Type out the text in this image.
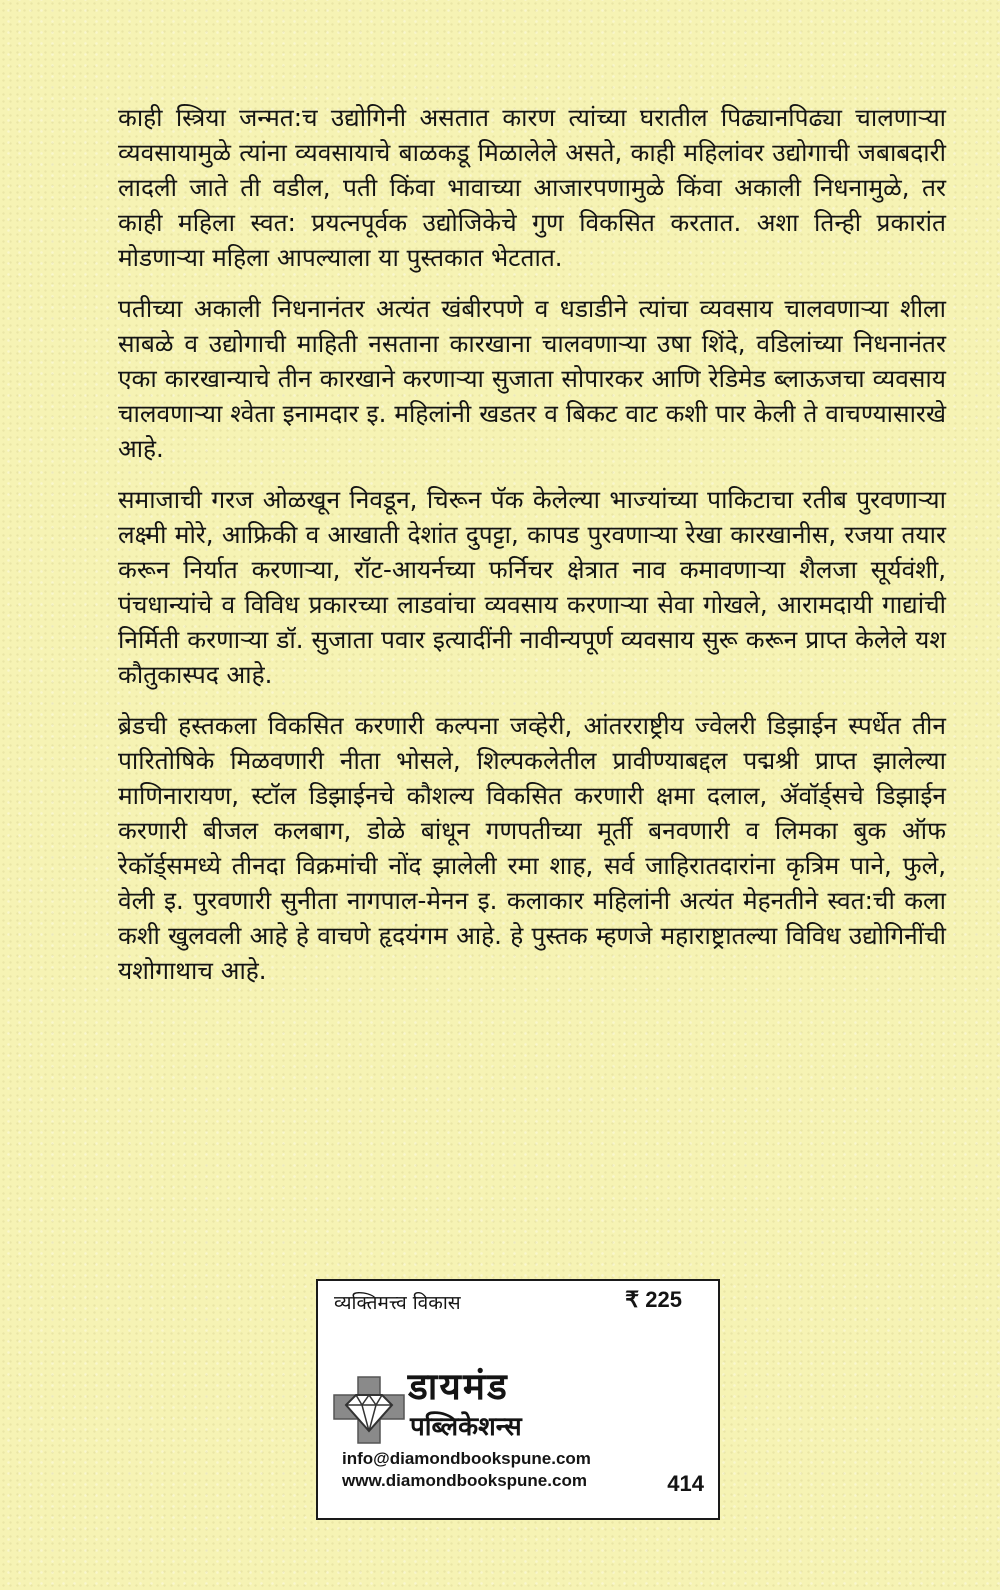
काही स्त्रिया जन्मत:च उद्योगिनी असतात कारण त्यांच्या घरातील पिढ्यानपिढ्या चालणाऱ्या व्यवसायामुळे त्यांना व्यवसायाचे बाळकडू मिळालेले असते, काही महिलांवर उद्योगाची जबाबदारी लादली जाते ती वडील, पती किंवा भावाच्या आजारपणामुळे किंवा अकाली निधनामुळे, तर काही महिला स्वत: प्रयत्नपूर्वक उद्योजिकेचे गुण विकसित करतात. अशा तिन्ही प्रकारांत मोडणाऱ्या महिला आपल्याला या पुस्तकात भेटतात.

पतीच्या अकाली निधनानंतर अत्यंत खंबीरपणे व धडाडीने त्यांचा व्यवसाय चालवणाऱ्या शीला साबळे व उद्योगाची माहिती नसताना कारखाना चालवणाऱ्या उषा शिंदे, वडिलांच्या निधनानंतर एका कारखान्याचे तीन कारखाने करणाऱ्या सुजाता सोपारकर आणि रेडिमेड ब्लाऊजचा व्यवसाय चालवणाऱ्या श्वेता इनामदार इ. महिलांनी खडतर व बिकट वाट कशी पार केली ते वाचण्यासारखे आहे.

समाजाची गरज ओळखून निवडून, चिरून पॅक केलेल्या भाज्यांच्या पाकिटाचा रतीब पुरवणाऱ्या लक्ष्मी मोरे, आफ्रिकी व आखाती देशांत दुपट्टा, कापड पुरवणाऱ्या रेखा कारखानीस, रजया तयार करून निर्यात करणाऱ्या, रॉट-आयर्नच्या फर्निचर क्षेत्रात नाव कमावणाऱ्या शैलजा सूर्यवंशी, पंचधान्यांचे व विविध प्रकारच्या लाडवांचा व्यवसाय करणाऱ्या सेवा गोखले, आरामदायी गाद्यांची निर्मिती करणाऱ्या डॉ. सुजाता पवार इत्यादींनी नावीन्यपूर्ण व्यवसाय सुरू करून प्राप्त केलेले यश कौतुकास्पद आहे.

ब्रेडची हस्तकला विकसित करणारी कल्पना जव्हेरी, आंतरराष्ट्रीय ज्वेलरी डिझाईन स्पर्धेत तीन पारितोषिके मिळवणारी नीता भोसले, शिल्पकलेतील प्रावीण्याबद्दल पद्मश्री प्राप्त झालेल्या माणिनारायण, स्टॉल डिझाईनचे कौशल्य विकसित करणारी क्षमा दलाल, ॲवॉर्ड्सचे डिझाईन करणारी बीजल कलबाग, डोळे बांधून गणपतीच्या मूर्ती बनवणारी व लिमका बुक ऑफ रेकॉर्ड्समध्ये तीनदा विक्रमांची नोंद झालेली रमा शाह, सर्व जाहिरातदारांना कृत्रिम पाने, फुले, वेली इ. पुरवणारी सुनीता नागपाल-मेनन इ. कलाकार महिलांनी अत्यंत मेहनतीने स्वत:ची कला कशी खुलवली आहे हे वाचणे हृदयंगम आहे. हे पुस्तक म्हणजे महाराष्ट्रातल्या विविध उद्योगिनींची यशोगाथाच आहे.

व्यक्तिमत्त्व विकास	₹ 225
डायमंड
पब्लिकेशन्स
info@diamondbookspune.com
www.diamondbookspune.com	414
